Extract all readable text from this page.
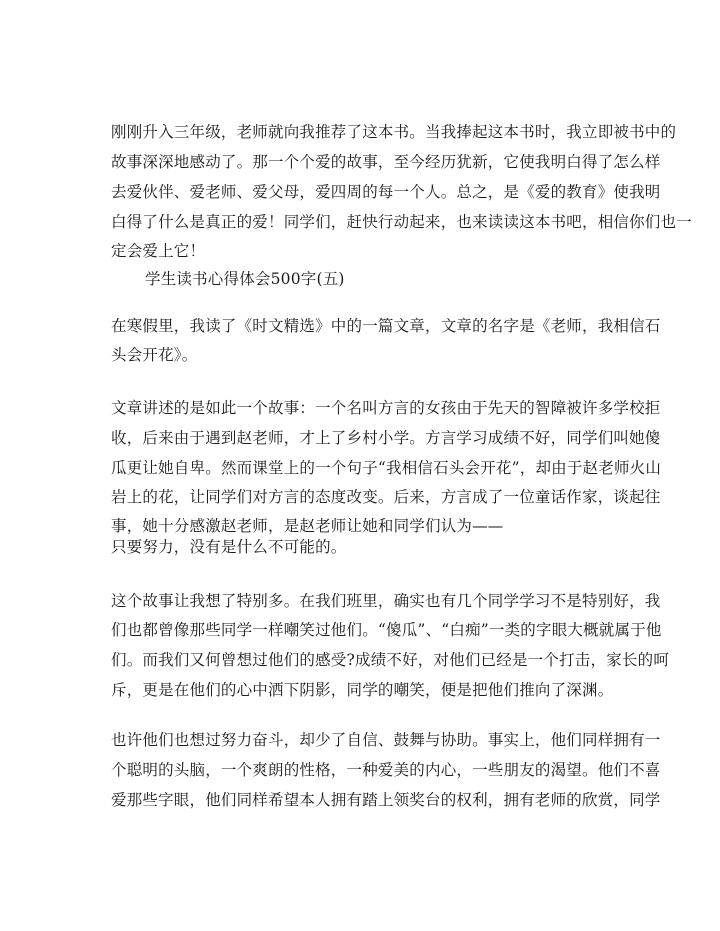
刚刚升入三年级，老师就向我推荐了这本书。当我捧起这本书时，我立即被书中的
故事深深地感动了。那一个个爱的故事，至今经历犹新，它使我明白得了怎么样
去爱伙伴、爱老师、爱父母，爱四周的每一个人。总之，是《爱的教育》使我明
白得了什么是真正的爱！同学们，赶快行动起来，也来读读这本书吧，相信你们也一
定会爱上它！
学生读书心得体会500字(五)
在寒假里，我读了《时文精选》中的一篇文章，文章的名字是《老师，我相信石
头会开花》。
文章讲述的是如此一个故事：一个名叫方言的女孩由于先天的智障被许多学校拒
收，后来由于遇到赵老师，才上了乡村小学。方言学习成绩不好，同学们叫她傻
瓜更让她自卑。然而课堂上的一个句子“我相信石头会开花”，却由于赵老师火山
岩上的花，让同学们对方言的态度改变。后来，方言成了一位童话作家，谈起往
事，她十分感激赵老师，是赵老师让她和同学们认为——
只要努力，没有是什么不可能的。
这个故事让我想了特别多。在我们班里，确实也有几个同学学习不是特别好，我
们也都曾像那些同学一样嘲笑过他们。“傻瓜”、“白痴”一类的字眼大概就属于他
们。而我们又何曾想过他们的感受?成绩不好，对他们已经是一个打击，家长的呵
斥，更是在他们的心中洒下阴影，同学的嘲笑，便是把他们推向了深渊。
也许他们也想过努力奋斗，却少了自信、鼓舞与协助。事实上，他们同样拥有一
个聪明的头脑，一个爽朗的性格，一种爱美的内心，一些朋友的渴望。他们不喜
爱那些字眼，他们同样希望本人拥有踏上领奖台的权利，拥有老师的欣赏，同学
